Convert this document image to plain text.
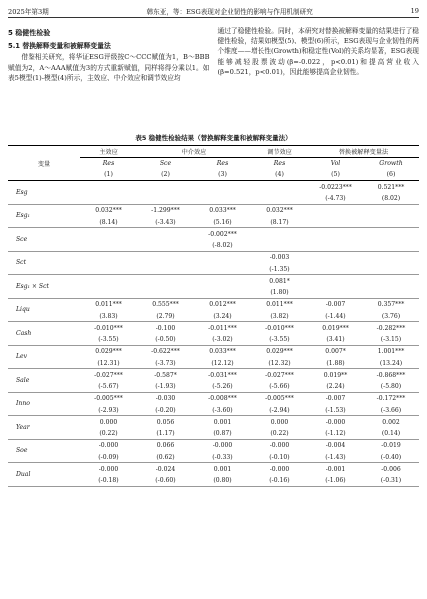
2025年第3期	韩东亚，等：ESG表现对企业韧性的影响与作用机制研究	19
5 稳健性检验
5.1 替换解释变量和被解释变量法

借鉴相关研究，将华证ESG评级按C～CCC赋值为1，B～BBB赋值为2，A～AAA赋值为3的方式重新赋值，同样将得分乘以1。如表5模型(1)-模型(4)所示，主效应、中介效应和调节效应均

通过了稳健性检验。同时，本研究对替换被解释变量的结果进行了稳健性检验，结果如模型(5)、模型(6)所示，ESG表现与企业韧性的两个维度——增长性(Growth)和稳定性(Vol)的关系均显著，ESG表现能够减轻股票波动(β=-0.022，p<0.01)和提高营业收入(β=0.521，p<0.01)，因此能够提高企业韧性。

表5 稳健性检验结果（替换解释变量和被解释变量法）
变量	主效应	中介效应		调节效应	替换被解释变量法	
	Res	Sce	Res	Res	Vol	Growth
	(1)	(2)	(3)	(4)	(5)	(6)
Esg					-0.0223***	0.521***
					(-4.73)	(8.02)
Esg₁	0.032***	-1.299***	0.033***	0.032***		
	(8.14)	(-3.43)	(5.16)	(8.17)		
Sce			-0.002***			
			(-8.02)			
Sct				-0.003		
				(-1.35)		
Esg₁ × Sct				0.081*		
				(1.80)		
Liqu	0.011***	0.555***	0.012***	0.011***	-0.007	0.357***
	(3.83)	(2.79)	(3.24)	(3.82)	(-1.44)	(3.76)
Cash	-0.010***	-0.100	-0.011***	-0.010***	0.019***	-0.282***
	(-3.55)	(-0.50)	(-3.02)	(-3.55)	(3.41)	(-3.15)
Lev	0.029***	-0.622***	0.033***	0.029***	0.007*	1.001***
	(12.31)	(-3.73)	(12.12)	(12.32)	(1.88)	(13.24)
Sale	-0.027***	-0.587*	-0.031***	-0.027***	0.019**	-0.868***
	(-5.67)	(-1.93)	(-5.26)	(-5.66)	(2.24)	(-5.80)
Inno	-0.005***	-0.030	-0.008***	-0.005***	-0.007	-0.172***
	(-2.93)	(-0.20)	(-3.60)	(-2.94)	(-1.53)	(-3.66)
Year	0.000	0.056	0.001	0.000	-0.000	0.002
	(0.22)	(1.17)	(0.87)	(0.22)	(-1.12)	(0.14)
Soe	-0.000	0.066	-0.000	-0.000	-0.004	-0.019
	(-0.09)	(0.62)	(-0.33)	(-0.10)	(-1.43)	(-0.40)
Dual	-0.000	-0.024	0.001	-0.000	-0.001	-0.006
	(-0.18)	(-0.60)	(0.80)	(-0.16)	(-1.06)	(-0.31)
